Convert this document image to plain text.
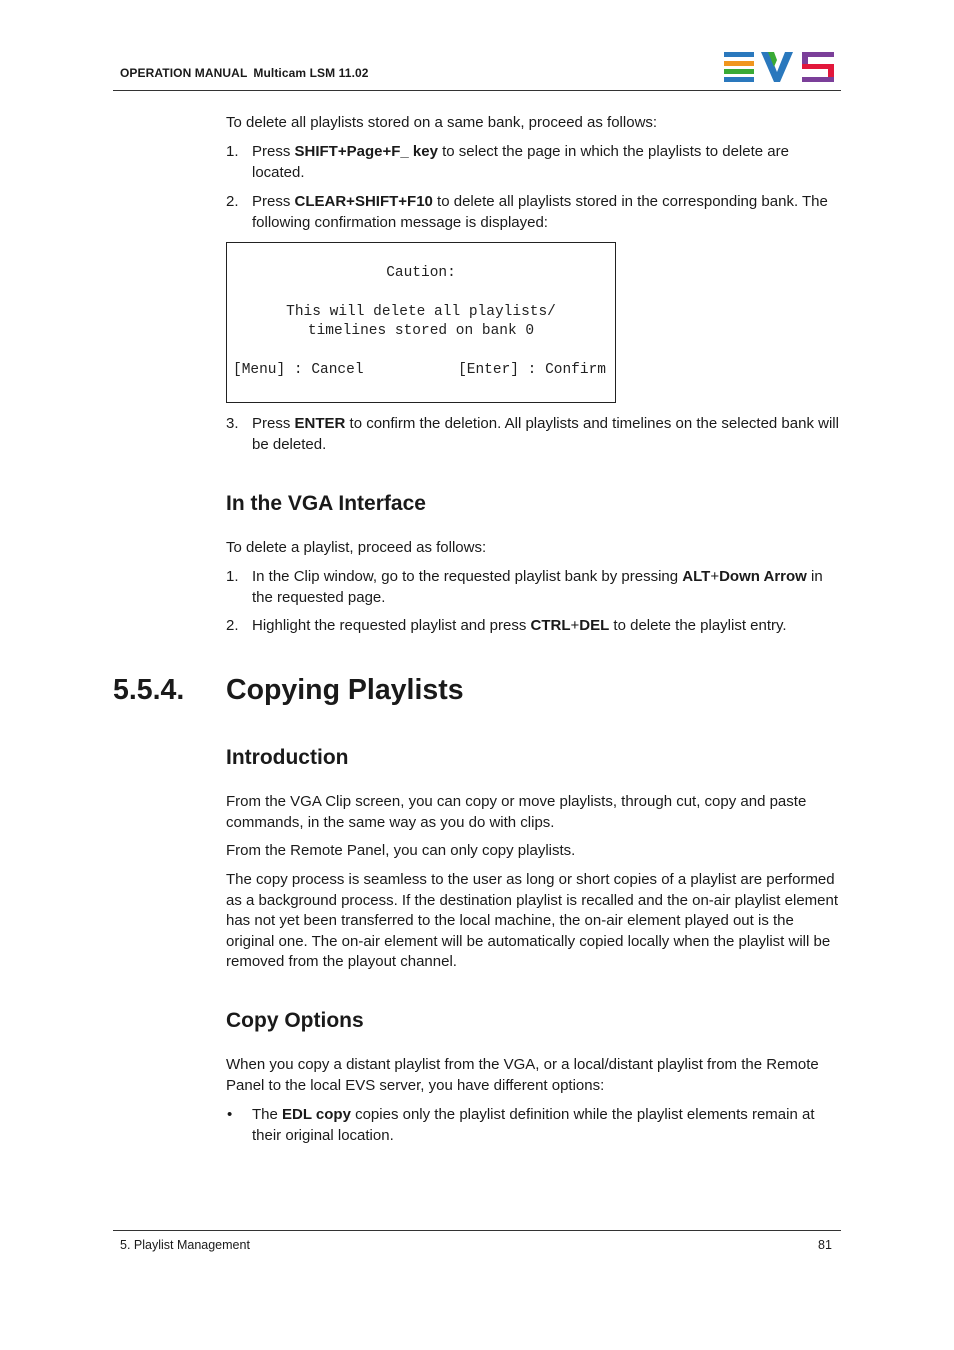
OPERATION MANUAL Multicam LSM 11.02

To delete all playlists stored on a same bank, proceed as follows:

1. Press SHIFT+Page+F_ key to select the page in which the playlists to delete are located.
2. Press CLEAR+SHIFT+F10 to delete all playlists stored in the corresponding bank. The following confirmation message is displayed:
Caution:
This will delete all playlists/
timelines stored on bank 0
[Menu] : Cancel	[Enter] : Confirm
3. Press ENTER to confirm the deletion. All playlists and timelines on the selected bank will be deleted.
In the VGA Interface

To delete a playlist, proceed as follows:

1. In the Clip window, go to the requested playlist bank by pressing ALT+Down Arrow in the requested page.
2. Highlight the requested playlist and press CTRL+DEL to delete the playlist entry.
5.5.4. Copying Playlists
Introduction

From the VGA Clip screen, you can copy or move playlists, through cut, copy and paste commands, in the same way as you do with clips.

From the Remote Panel, you can only copy playlists.

The copy process is seamless to the user as long or short copies of a playlist are performed as a background process. If the destination playlist is recalled and the on-air playlist element has not yet been transferred to the local machine, the on-air element played out is the original one. The on-air element will be automatically copied locally when the playlist will be removed from the playout channel.

Copy Options

When you copy a distant playlist from the VGA, or a local/distant playlist from the Remote Panel to the local EVS server, you have different options:

• The EDL copy copies only the playlist definition while the playlist elements remain at their original location.
5. Playlist Management	81
